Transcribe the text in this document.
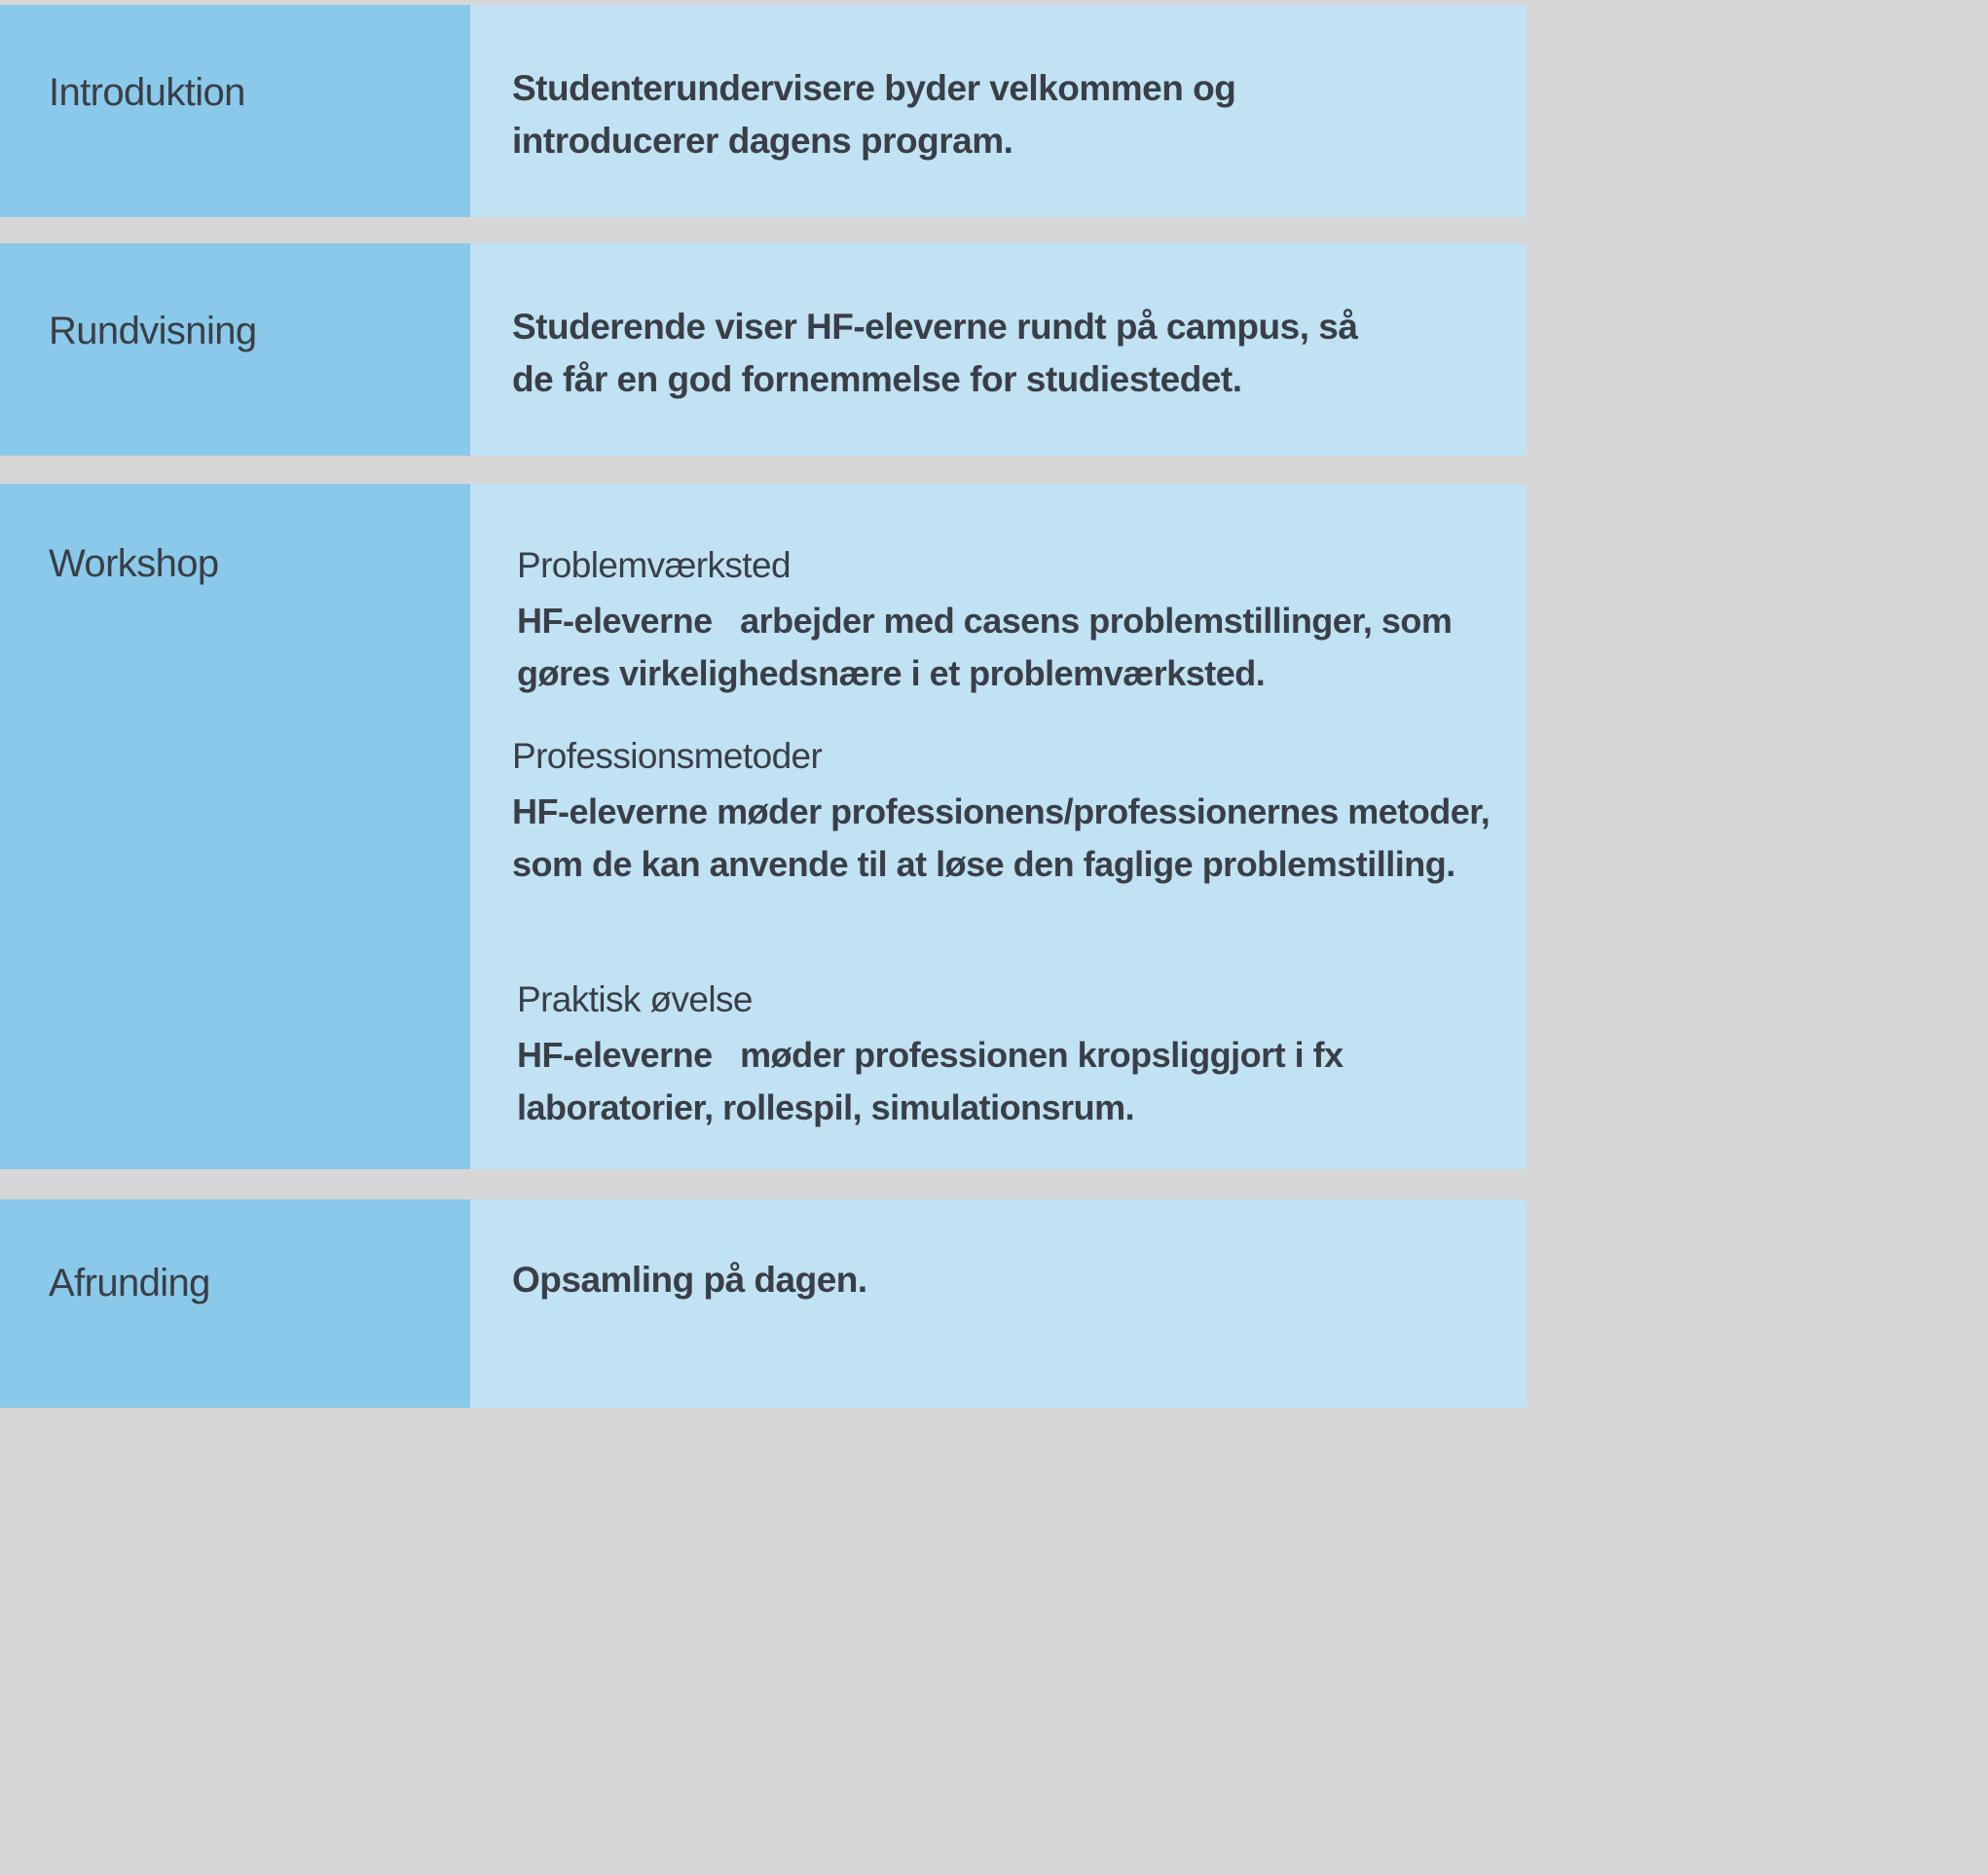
Introduktion	Studenterundervisere byder velkommen og introducerer dagens program.
Rundvisning	Studerende viser HF-eleverne rundt på campus, så de får en god fornemmelse for studiestedet.
Workshop	Problemværksted
HF-eleverne   arbejder med casens problemstillinger, som gøres virkelighedsnære i et problemværksted.
Professionsmetoder
HF-eleverne møder professionens/professionernes metoder, som de kan anvende til at løse den faglige problemstilling.
Praktisk øvelse
HF-eleverne   møder professionen kropsliggjort i fx laboratorier, rollespil, simulationsrum.
Afrunding	Opsamling på dagen.
